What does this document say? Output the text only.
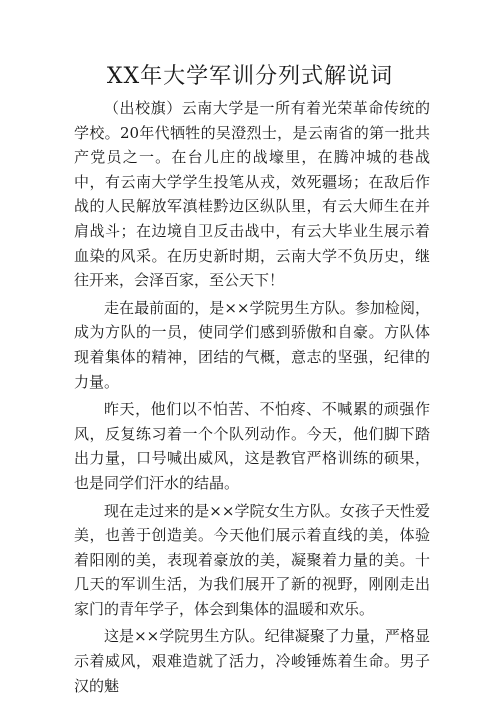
XX年大学军训分列式解说词

（出校旗）云南大学是一所有着光荣革命传统的学校。20年代牺牲的吴澄烈士，是云南省的第一批共产党员之一。在台儿庄的战壕里，在腾冲城的巷战中，有云南大学学生投笔从戎，效死疆场；在敌后作战的人民解放军滇桂黔边区纵队里，有云大师生在并肩战斗；在边境自卫反击战中，有云大毕业生展示着血染的风采。在历史新时期，云南大学不负历史，继往开来，会泽百家，至公天下！

走在最前面的，是××学院男生方队。参加检阅，成为方队的一员，使同学们感到骄傲和自豪。方队体现着集体的精神，团结的气概，意志的坚强，纪律的力量。

昨天，他们以不怕苦、不怕疼、不喊累的顽强作风，反复练习着一个个队列动作。今天，他们脚下踏出力量，口号喊出威风，这是教官严格训练的硕果，也是同学们汗水的结晶。

现在走过来的是××学院女生方队。女孩子天性爱美，也善于创造美。今天他们展示着直线的美，体验着阳刚的美，表现着豪放的美，凝聚着力量的美。十几天的军训生活，为我们展开了新的视野，刚刚走出家门的青年学子，体会到集体的温暖和欢乐。

这是××学院男生方队。纪律凝聚了力量，严格显示着威风，艰难造就了活力，冷峻锤炼着生命。男子汉的魅
